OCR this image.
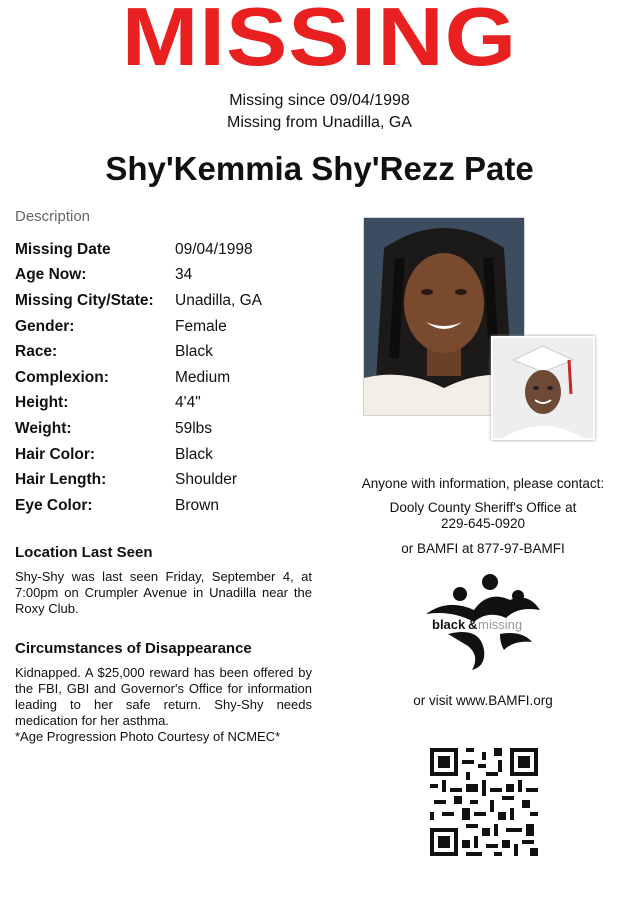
MISSING
Missing since 09/04/1998
Missing from Unadilla, GA
Shy'Kemmia Shy'Rezz Pate
Description
Missing Date	09/04/1998
Age Now:	34
Missing City/State:	Unadilla, GA
Gender:	Female
Race:	Black
Complexion:	Medium
Height:	4'4"
Weight:	59lbs
Hair Color:	Black
Hair Length:	Shoulder
Eye Color:	Brown
Location Last Seen

Shy-Shy was last seen Friday, September 4, at 7:00pm on Crumpler Avenue in Unadilla near the Roxy Club.

Circumstances of Disappearance

Kidnapped. A $25,000 reward has been offered by the FBI, GBI and Governor's Office for information leading to her safe return. Shy-Shy needs medication for her asthma.

*Age Progression Photo Courtesy of NCMEC*

Anyone with information, please contact:
Dooly County Sheriff's Office at
229-645-0920
or BAMFI at 877-97-BAMFI
black & missing
or visit www.BAMFI.org
